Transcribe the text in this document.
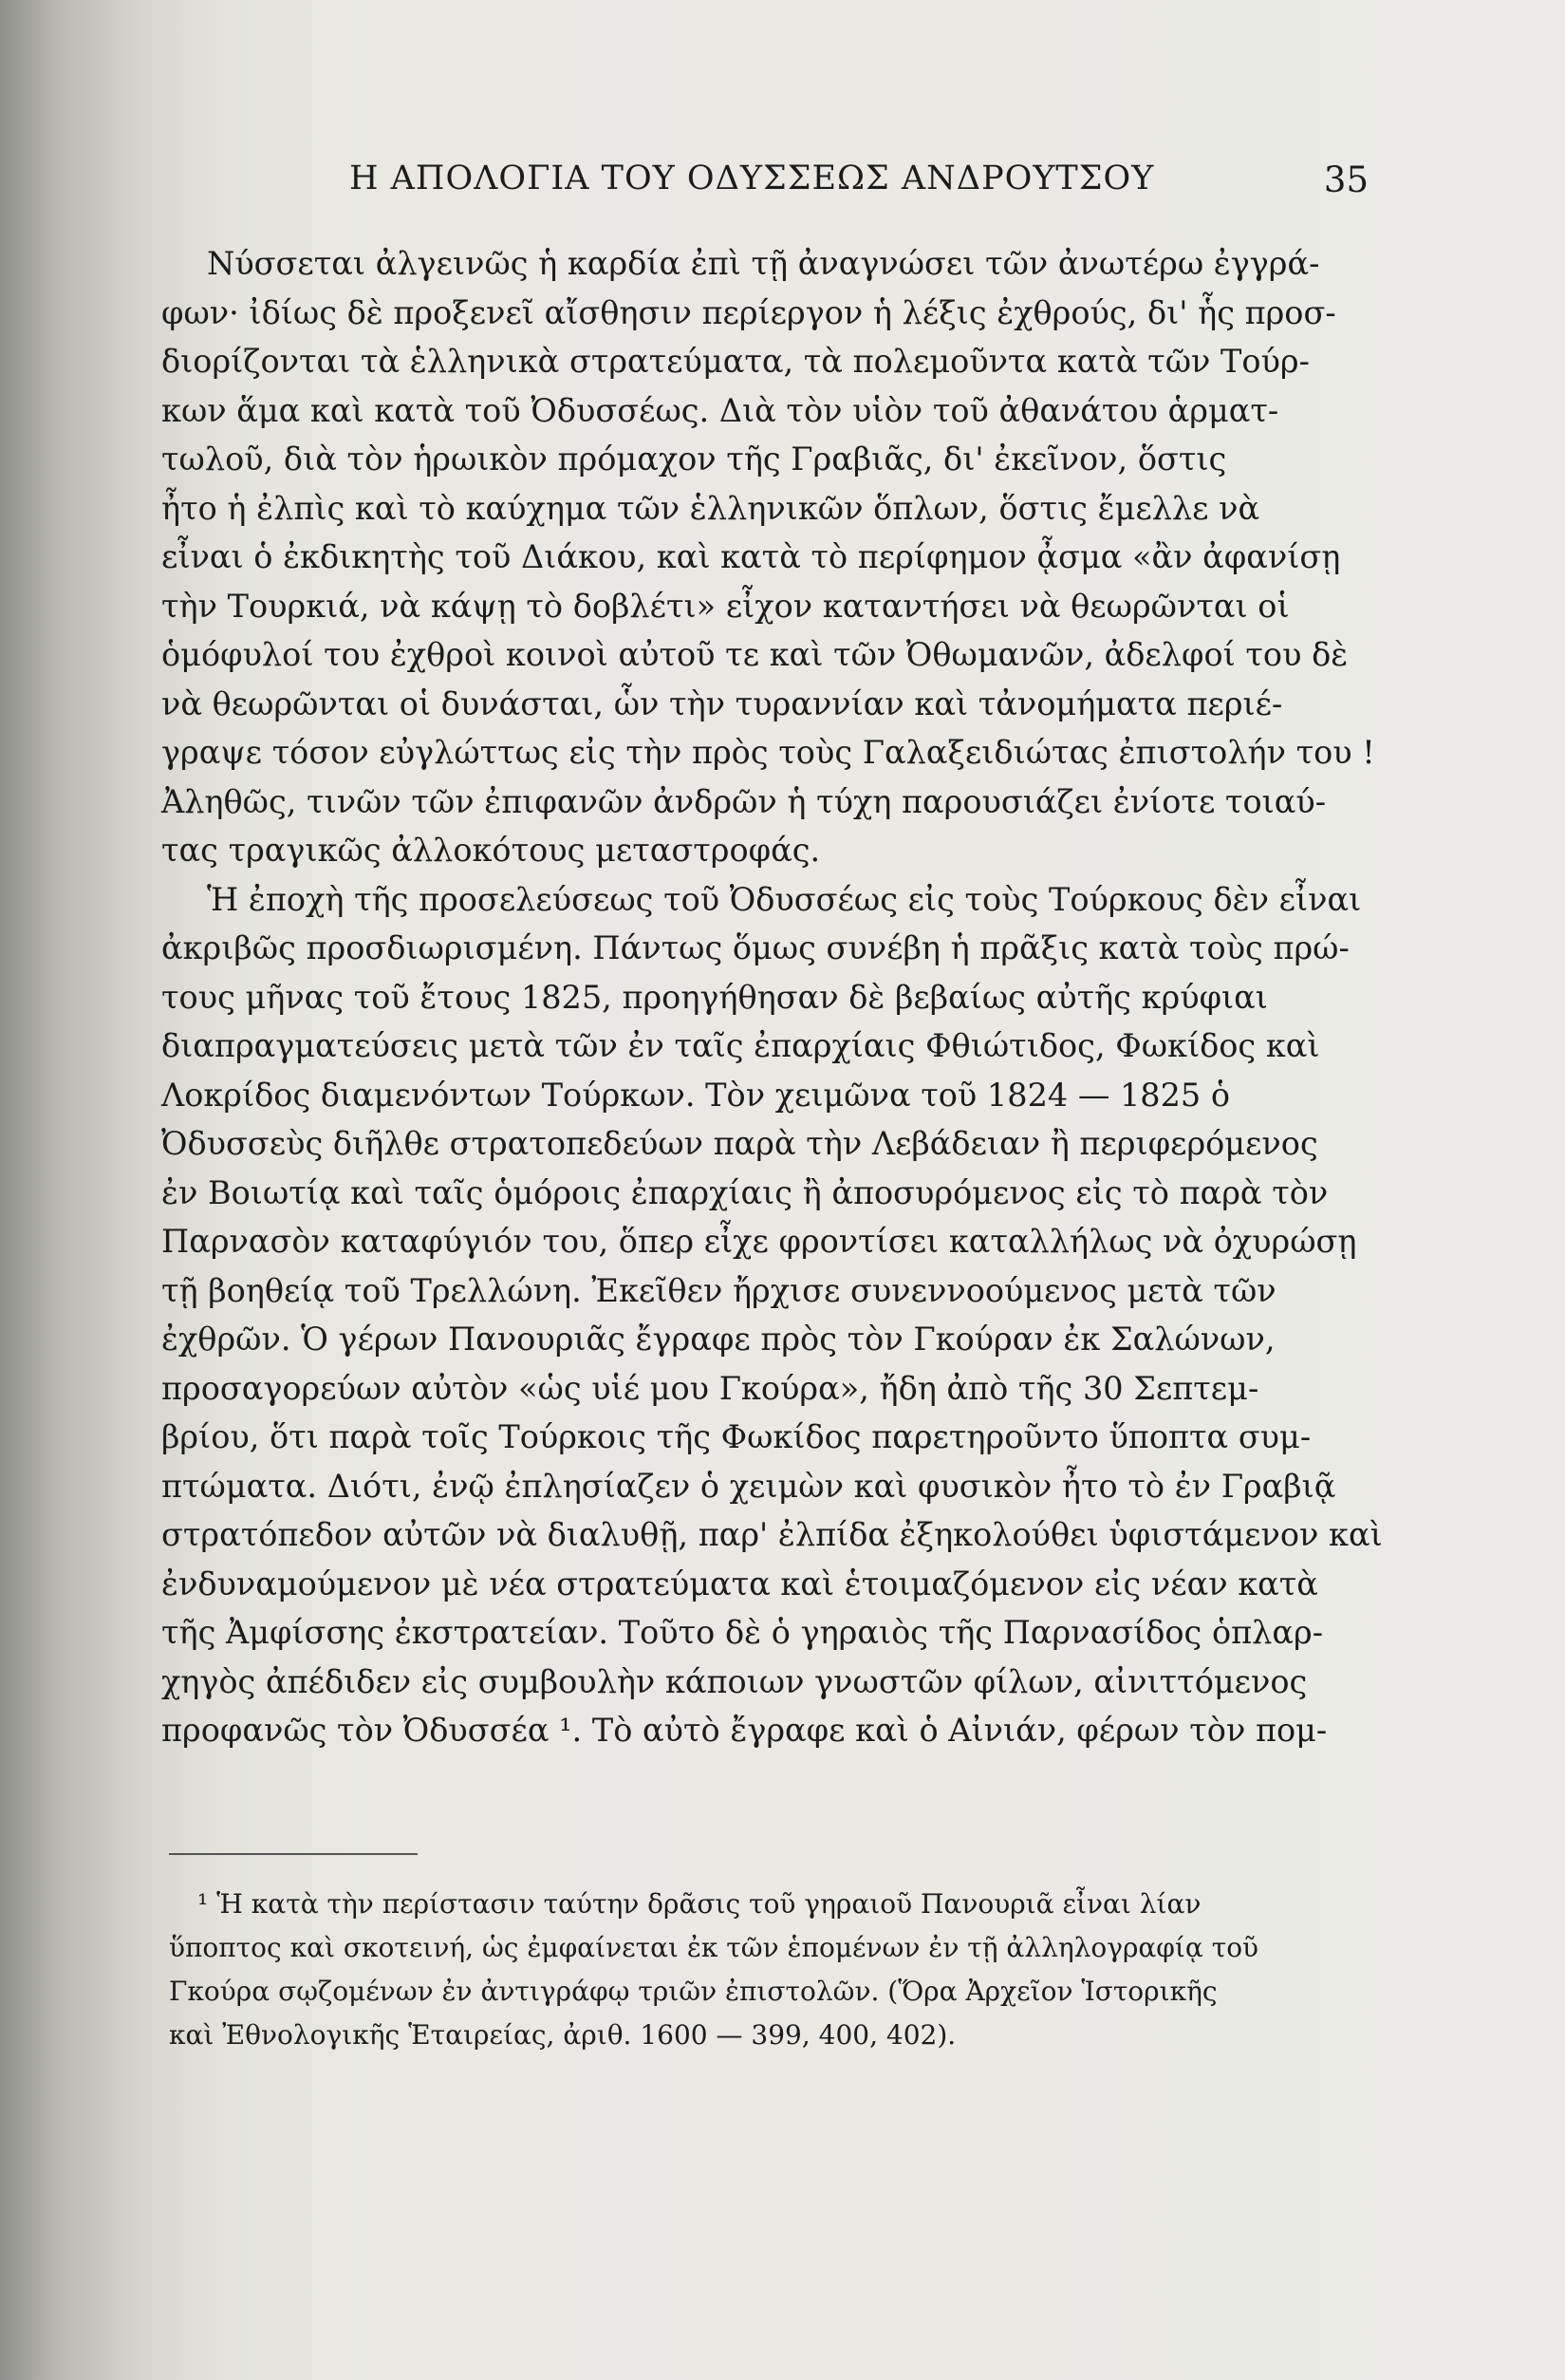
Η ΑΠΟΛΟΓΙΑ ΤΟΥ ΟΔΥΣΣΕΩΣ ΑΝΔΡΟΥΤΣΟΥ	35
Νύσσεται ἀλγεινῶς ἡ καρδία ἐπὶ τῇ ἀναγνώσει τῶν ἀνωτέρω ἐγγρά-
φων· ἰδίως δὲ προξενεῖ αἴσθησιν περίεργον ἡ λέξις ἐχθρούς, δι' ἧς προσ-
διορίζονται τὰ ἑλληνικὰ στρατεύματα, τὰ πολεμοῦντα κατὰ τῶν Τούρ-
κων ἅμα καὶ κατὰ τοῦ Ὀδυσσέως. Διὰ τὸν υἱὸν τοῦ ἀθανάτου ἁρματ-
τωλοῦ, διὰ τὸν ἡρωικὸν πρόμαχον τῆς Γραβιᾶς, δι' ἐκεῖνον, ὅστις
ἦτο ἡ ἐλπὶς καὶ τὸ καύχημα τῶν ἑλληνικῶν ὅπλων, ὅστις ἔμελλε νὰ
εἶναι ὁ ἐκδικητὴς τοῦ Διάκου, καὶ κατὰ τὸ περίφημον ᾆσμα «ἂν ἀφανίσῃ
τὴν Τουρκιά, νὰ κάψῃ τὸ δοβλέτι» εἶχον καταντήσει νὰ θεωρῶνται οἱ
ὁμόφυλοί του ἐχθροὶ κοινοὶ αὐτοῦ τε καὶ τῶν Ὀθωμανῶν, ἀδελφοί του δὲ
νὰ θεωρῶνται οἱ δυνάσται, ὧν τὴν τυραννίαν καὶ τἀνομήματα περιέ-
γραψε τόσον εὐγλώττως εἰς τὴν πρὸς τοὺς Γαλαξειδιώτας ἐπιστολήν του !
Ἀληθῶς, τινῶν τῶν ἐπιφανῶν ἀνδρῶν ἡ τύχη παρουσιάζει ἐνίοτε τοιαύ-
τας τραγικῶς ἀλλοκότους μεταστροφάς.
Ἡ ἐποχὴ τῆς προσελεύσεως τοῦ Ὀδυσσέως εἰς τοὺς Τούρκους δὲν εἶναι
ἀκριβῶς προσδιωρισμένη. Πάντως ὅμως συνέβη ἡ πρᾶξις κατὰ τοὺς πρώ-
τους μῆνας τοῦ ἔτους 1825, προηγήθησαν δὲ βεβαίως αὐτῆς κρύφιαι
διαπραγματεύσεις μετὰ τῶν ἐν ταῖς ἐπαρχίαις Φθιώτιδος, Φωκίδος καὶ
Λοκρίδος διαμενόντων Τούρκων. Τὸν χειμῶνα τοῦ 1824 — 1825 ὁ
Ὀδυσσεὺς διῆλθε στρατοπεδεύων παρὰ τὴν Λεβάδειαν ἢ περιφερόμενος
ἐν Βοιωτίᾳ καὶ ταῖς ὁμόροις ἐπαρχίαις ἢ ἀποσυρόμενος εἰς τὸ παρὰ τὸν
Παρνασὸν καταφύγιόν του, ὅπερ εἶχε φροντίσει καταλλήλως νὰ ὀχυρώσῃ
τῇ βοηθείᾳ τοῦ Τρελλώνη. Ἐκεῖθεν ἤρχισε συνεννοούμενος μετὰ τῶν
ἐχθρῶν. Ὁ γέρων Πανουριᾶς ἔγραφε πρὸς τὸν Γκούραν ἐκ Σαλώνων,
προσαγορεύων αὐτὸν «ὡς υἱέ μου Γκούρα», ἤδη ἀπὸ τῆς 30 Σεπτεμ-
βρίου, ὅτι παρὰ τοῖς Τούρκοις τῆς Φωκίδος παρετηροῦντο ὕποπτα συμ-
πτώματα. Διότι, ἐνῷ ἐπλησίαζεν ὁ χειμὼν καὶ φυσικὸν ἦτο τὸ ἐν Γραβιᾷ
στρατόπεδον αὐτῶν νὰ διαλυθῇ, παρ' ἐλπίδα ἐξηκολούθει ὑφιστάμενον καὶ
ἐνδυναμούμενον μὲ νέα στρατεύματα καὶ ἑτοιμαζόμενον εἰς νέαν κατὰ
τῆς Ἀμφίσσης ἐκστρατείαν. Τοῦτο δὲ ὁ γηραιὸς τῆς Παρνασίδος ὁπλαρ-
χηγὸς ἀπέδιδεν εἰς συμβουλὴν κάποιων γνωστῶν φίλων, αἰνιττόμενος
προφανῶς τὸν Ὀδυσσέα ¹. Τὸ αὐτὸ ἔγραφε καὶ ὁ Αἰνιάν, φέρων τὸν πομ-
¹ Ἡ κατὰ τὴν περίστασιν ταύτην δρᾶσις τοῦ γηραιοῦ Πανουριᾶ εἶναι λίαν
ὕποπτος καὶ σκοτεινή, ὡς ἐμφαίνεται ἐκ τῶν ἑπομένων ἐν τῇ ἀλληλογραφίᾳ τοῦ
Γκούρα σῳζομένων ἐν ἀντιγράφῳ τριῶν ἐπιστολῶν. (Ὅρα Ἀρχεῖον Ἱστορικῆς
καὶ Ἐθνολογικῆς Ἑταιρείας, ἀριθ. 1600 — 399, 400, 402).
